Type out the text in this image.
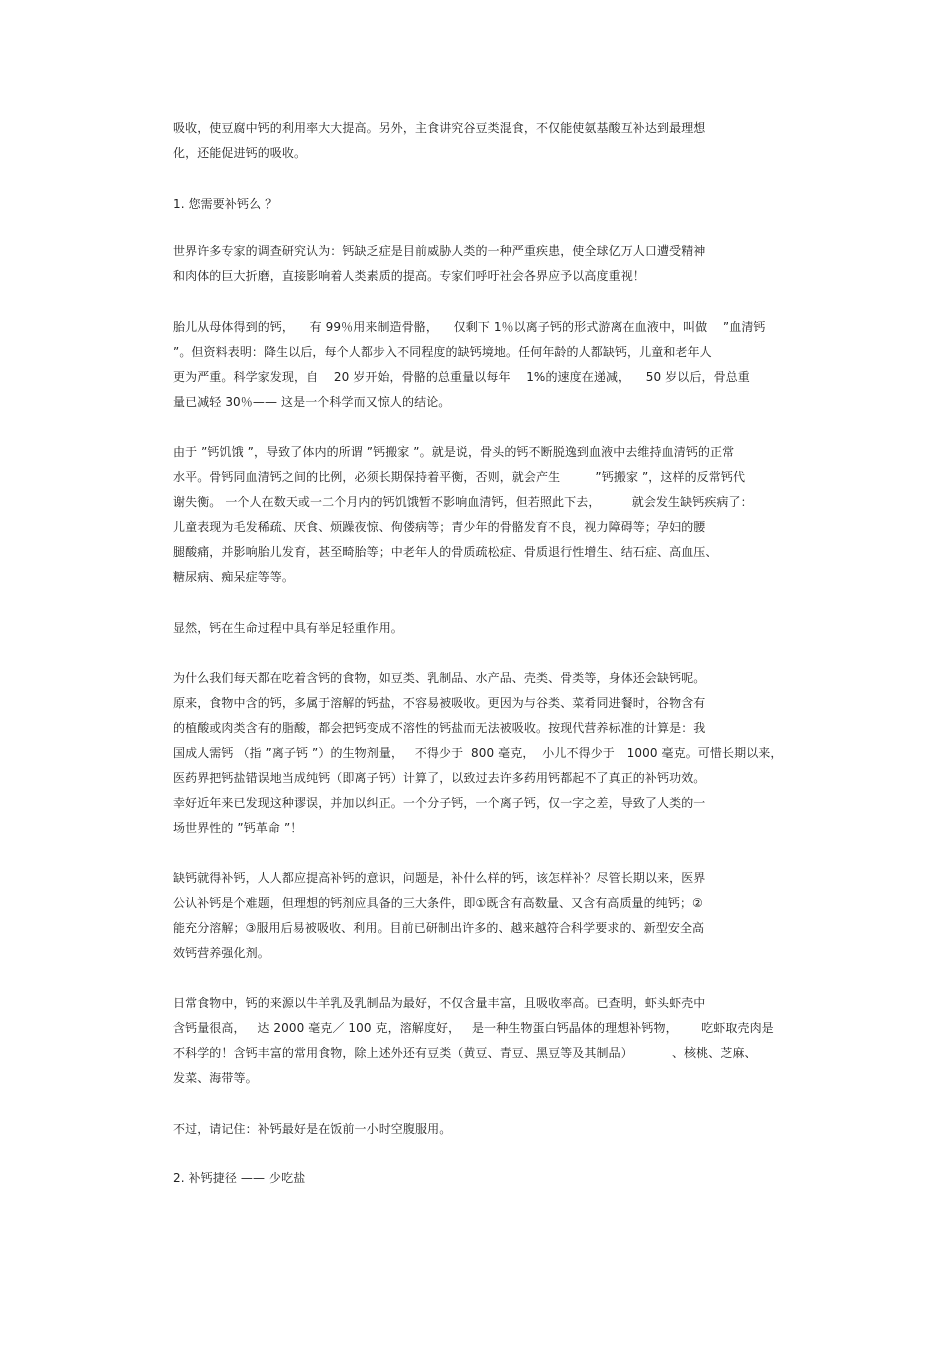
吸收，使豆腐中钙的利用率大大提高。另外，主食讲究谷豆类混食，不仅能使氨基酸互补达到最理想
化，还能促进钙的吸收。
1. 您需要补钙么 ？
世界许多专家的调查研究认为：钙缺乏症是目前威胁人类的一种严重疾患，使全球亿万人口遭受精神
和肉体的巨大折磨，直接影响着人类素质的提高。专家们呼吁社会各界应予以高度重视！
胎儿从母体得到的钙，    有 99％用来制造骨骼，    仅剩下 1％以离子钙的形式游离在血液中，叫做    ”血清钙
”。但资料表明：降生以后，每个人都步入不同程度的缺钙境地。任何年龄的人都缺钙，儿童和老年人
更为严重。科学家发现，自    20 岁开始，骨骼的总重量以每年    1%的速度在递减，    50 岁以后，骨总重
量已减轻 30％—— 这是一个科学而又惊人的结论。
由于 ”钙饥饿 ”，导致了体内的所谓 ”钙搬家 ”。就是说，骨头的钙不断脱逸到血液中去维持血清钙的正常
水平。骨钙同血清钙之间的比例，必须长期保持着平衡，否则，就会产生         ”钙搬家 ”，这样的反常钙代
谢失衡。 一个人在数天或一二个月内的钙饥饿暂不影响血清钙，但若照此下去，        就会发生缺钙疾病了：
儿童表现为毛发稀疏、厌食、烦躁夜惊、佝偻病等；青少年的骨骼发育不良，视力障碍等；孕妇的腰
腿酸痛，并影响胎儿发育，甚至畸胎等；中老年人的骨质疏松症、骨质退行性增生、结石症、高血压、
糖尿病、痴呆症等等。
显然，钙在生命过程中具有举足轻重作用。
为什么我们每天都在吃着含钙的食物，如豆类、乳制品、水产品、壳类、骨类等，身体还会缺钙呢。
原来，食物中含的钙，多属于溶解的钙盐，不容易被吸收。更因为与谷类、菜肴同进餐时，谷物含有
的植酸或肉类含有的脂酸，都会把钙变成不溶性的钙盐而无法被吸收。按现代营养标准的计算是：我
国成人需钙 （指 ”离子钙 ”）的生物剂量，   不得少于  800 毫克，  小儿不得少于   1000 毫克。可惜长期以来，
医药界把钙盐错误地当成纯钙（即离子钙）计算了，以致过去许多药用钙都起不了真正的补钙功效。
幸好近年来已发现这种谬误，并加以纠正。一个分子钙，一个离子钙，仅一字之差，导致了人类的一
场世界性的 ”钙革命 ”！
缺钙就得补钙，人人都应提高补钙的意识，问题是，补什么样的钙，该怎样补？尽管长期以来，医界
公认补钙是个难题，但理想的钙剂应具备的三大条件，即①既含有高数量、又含有高质量的纯钙；②
能充分溶解；③服用后易被吸收、利用。目前已研制出许多的、越来越符合科学要求的、新型安全高
效钙营养强化剂。
日常食物中，钙的来源以牛羊乳及乳制品为最好，不仅含量丰富，且吸收率高。已查明，虾头虾壳中
含钙量很高，   达 2000 毫克／ 100 克，溶解度好，   是一种生物蛋白钙晶体的理想补钙物，      吃虾取壳肉是
不科学的！含钙丰富的常用食物，除上述外还有豆类（黄豆、青豆、黑豆等及其制品）          、核桃、芝麻、
发菜、海带等。
不过，请记住：补钙最好是在饭前一小时空腹服用。
2. 补钙捷径 —— 少吃盐
